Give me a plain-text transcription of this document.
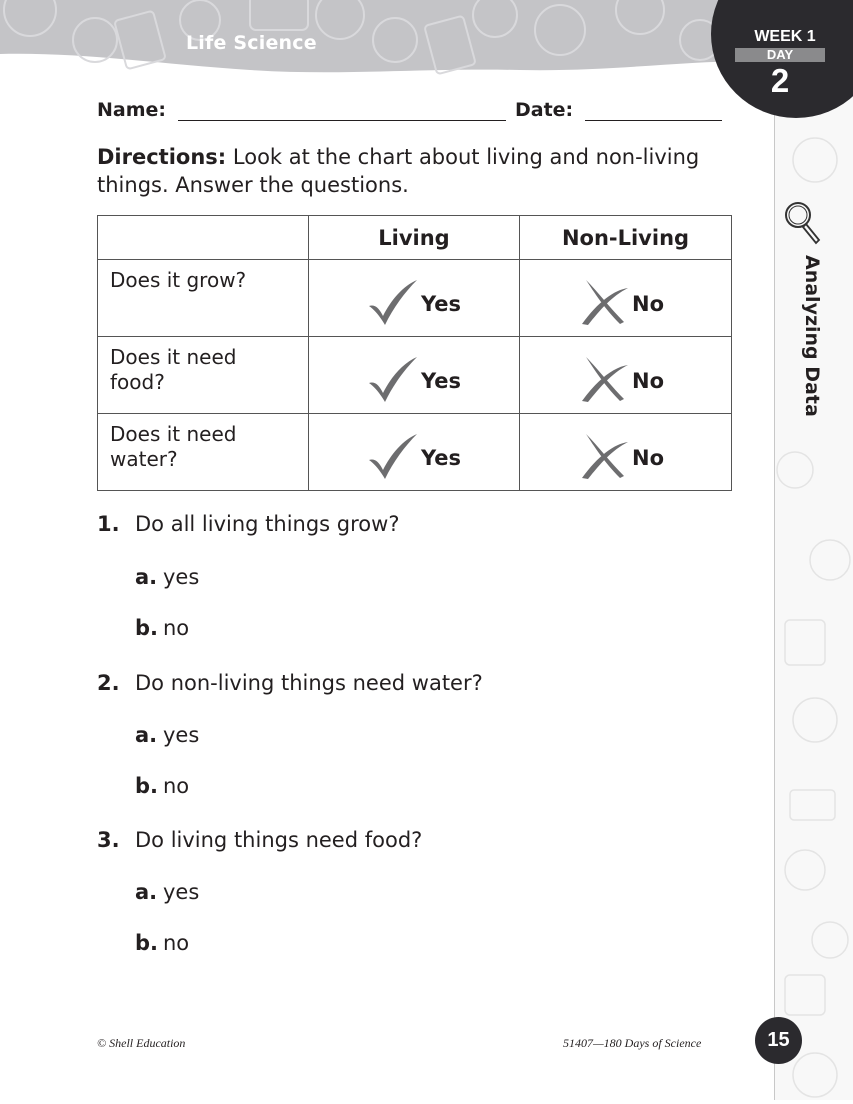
Life Science	WEEK 1
DAY
2
Analyzing Data
Name:	Date:
Directions: Look at the chart about living and non-living things. Answer the questions.
	Living	Non-Living
Does it grow?	Yes	No

Does it need food?	Yes	No

Does it need water?	Yes	No
1. Do all living things grow?
a. yes
b. no
2. Do non-living things need water?
a. yes
b. no
3. Do living things need food?
a. yes
b. no
© Shell Education	51407—180 Days of Science	15
